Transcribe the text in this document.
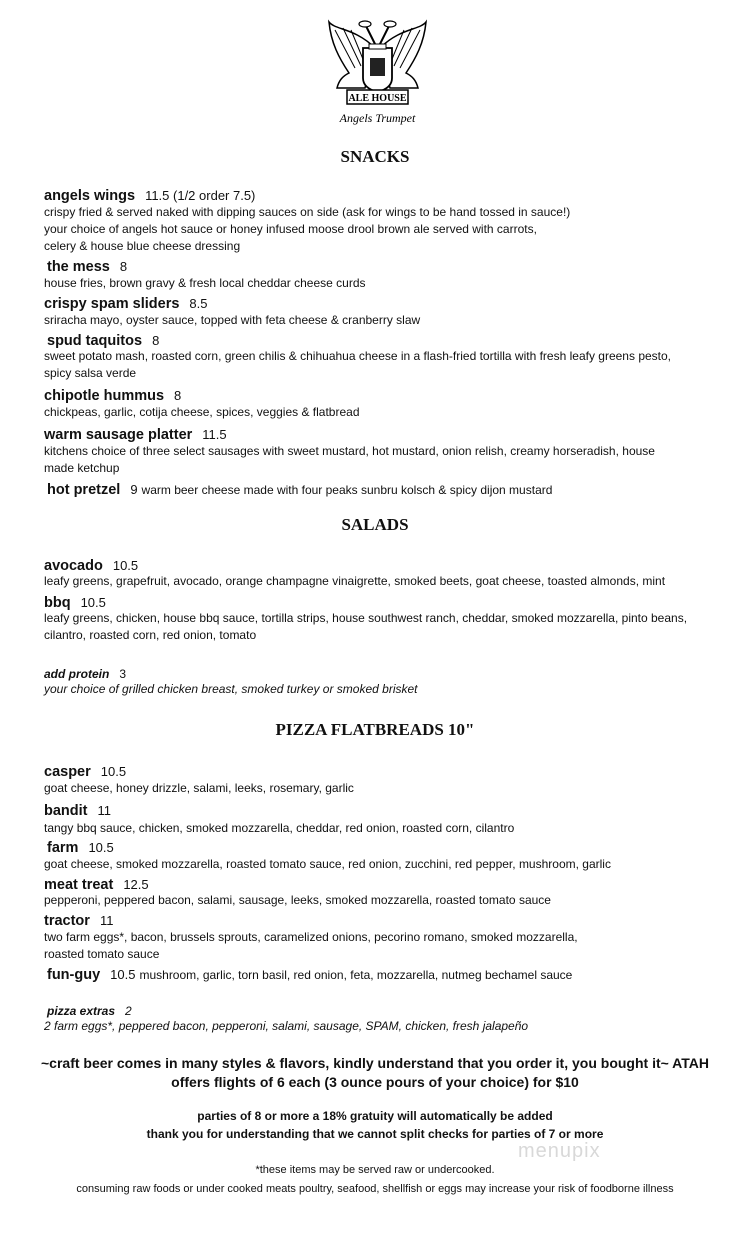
ALE HOUSE
Angels Trumpet
SNACKS
angels wings 11.5 (1/2 order 7.5)
crispy fried & served naked with dipping sauces on side (ask for wings to be hand tossed in sauce!)
your choice of angels hot sauce or honey infused moose drool brown ale served with carrots,
celery & house blue cheese dressing
the mess 8
house fries, brown gravy & fresh local cheddar cheese curds
crispy spam sliders 8.5
sriracha mayo, oyster sauce, topped with feta cheese & cranberry slaw
spud taquitos 8
sweet potato mash, roasted corn, green chilis & chihuahua cheese in a flash-fried tortilla with fresh leafy greens pesto,
spicy salsa verde
chipotle hummus 8
chickpeas, garlic, cotija cheese, spices, veggies & flatbread
warm sausage platter 11.5
kitchens choice of three select sausages with sweet mustard, hot mustard, onion relish, creamy horseradish, house
made ketchup
hot pretzel 9 warm beer cheese made with four peaks sunbru kolsch & spicy dijon mustard
SALADS
avocado 10.5
leafy greens, grapefruit, avocado, orange champagne vinaigrette, smoked beets, goat cheese, toasted almonds, mint
bbq 10.5
leafy greens, chicken, house bbq sauce, tortilla strips, house southwest ranch, cheddar, smoked mozzarella, pinto beans,
cilantro, roasted corn, red onion, tomato
add protein 3
your choice of grilled chicken breast, smoked turkey or smoked brisket
PIZZA FLATBREADS 10"
casper 10.5
goat cheese, honey drizzle, salami, leeks, rosemary, garlic
bandit 11
tangy bbq sauce, chicken, smoked mozzarella, cheddar, red onion, roasted corn, cilantro
farm 10.5
goat cheese, smoked mozzarella, roasted tomato sauce, red onion, zucchini, red pepper, mushroom, garlic
meat treat 12.5
pepperoni, peppered bacon, salami, sausage, leeks, smoked mozzarella, roasted tomato sauce
tractor 11
two farm eggs*, bacon, brussels sprouts, caramelized onions, pecorino romano, smoked mozzarella,
roasted tomato sauce
fun-guy 10.5 mushroom, garlic, torn basil, red onion, feta, mozzarella, nutmeg bechamel sauce
pizza extras 2
2 farm eggs*, peppered bacon, pepperoni, salami, sausage, SPAM, chicken, fresh jalapeño
~craft beer comes in many styles & flavors, kindly understand that you order it, you bought it~ ATAH
offers flights of 6 each (3 ounce pours of your choice) for $10
parties of 8 or more a 18% gratuity will automatically be added
thank you for understanding that we cannot split checks for parties of 7 or more
*these items may be served raw or undercooked.
consuming raw foods or under cooked meats poultry, seafood, shellfish or eggs may increase your risk of foodborne illness
menupix
